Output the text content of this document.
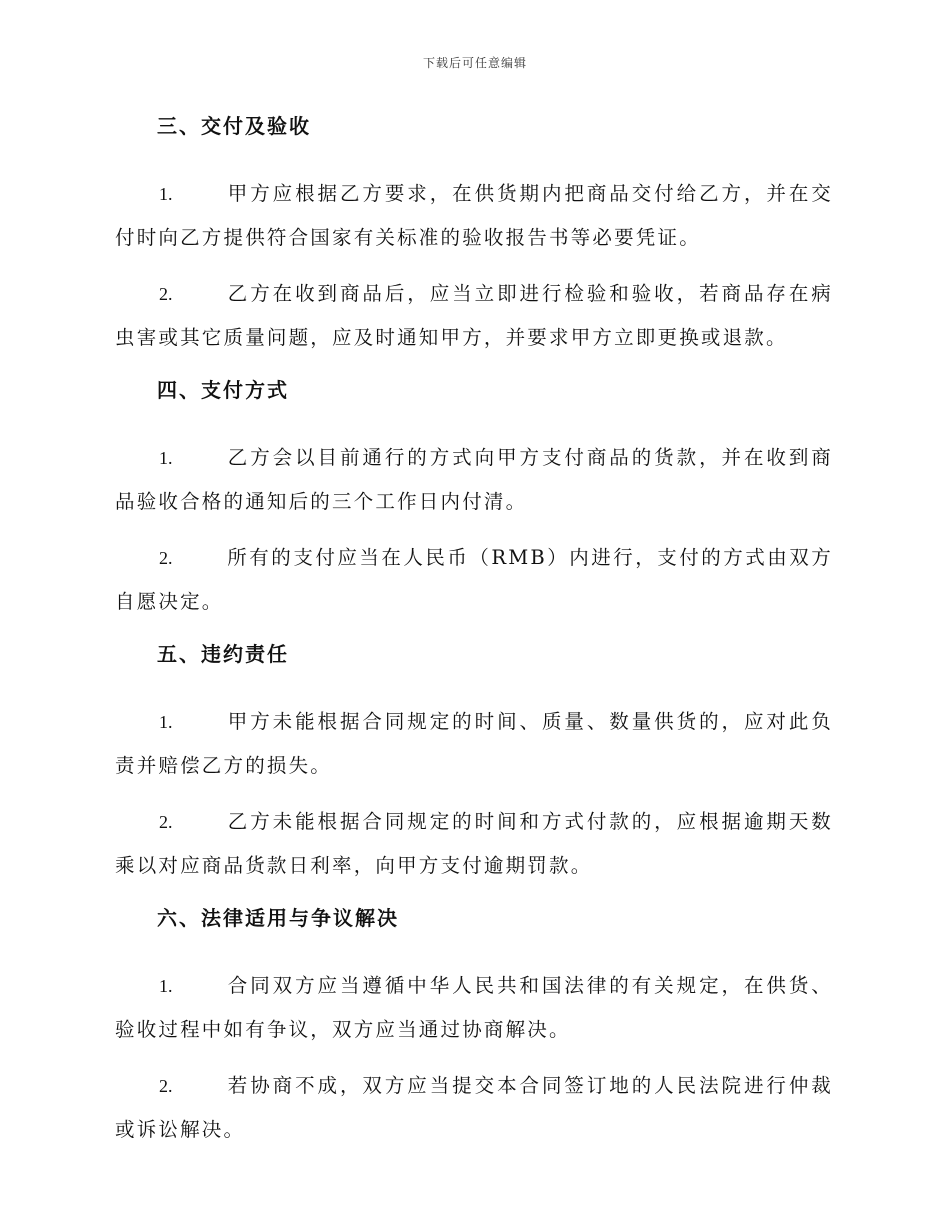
下载后可任意编辑
三、交付及验收

1.	甲方应根据乙方要求，在供货期内把商品交付给乙方，并在交付时向乙方提供符合国家有关标准的验收报告书等必要凭证。

2.	乙方在收到商品后，应当立即进行检验和验收，若商品存在病虫害或其它质量问题，应及时通知甲方，并要求甲方立即更换或退款。

四、支付方式

1.	乙方会以目前通行的方式向甲方支付商品的货款，并在收到商品验收合格的通知后的三个工作日内付清。

2.	所有的支付应当在人民币（RMB）内进行，支付的方式由双方自愿决定。

五、违约责任

1.	甲方未能根据合同规定的时间、质量、数量供货的，应对此负责并赔偿乙方的损失。

2.	乙方未能根据合同规定的时间和方式付款的，应根据逾期天数乘以对应商品货款日利率，向甲方支付逾期罚款。

六、法律适用与争议解决

1.	合同双方应当遵循中华人民共和国法律的有关规定，在供货、验收过程中如有争议，双方应当通过协商解决。

2.	若协商不成，双方应当提交本合同签订地的人民法院进行仲裁或诉讼解决。
